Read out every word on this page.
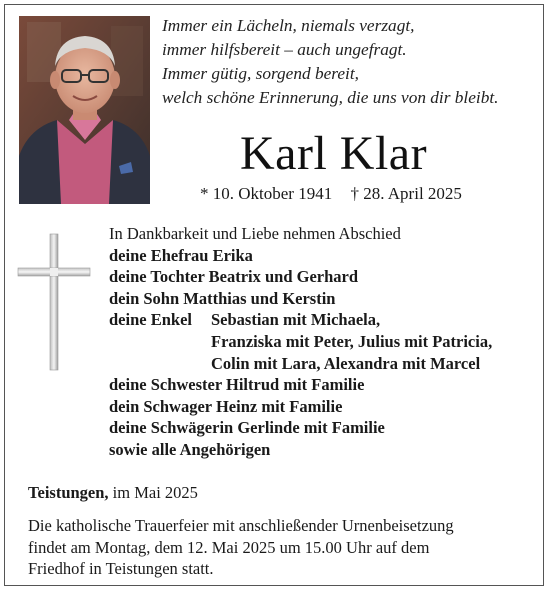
Immer ein Lächeln, niemals verzagt,
immer hilfsbereit – auch ungefragt.
Immer gütig, sorgend bereit,
welch schöne Erinnerung, die uns von dir bleibt.
Karl Klar
* 10. Oktober 1941 † 28. April 2025
In Dankbarkeit und Liebe nehmen Abschied
deine Ehefrau Erika
deine Tochter Beatrix und Gerhard
dein Sohn Matthias und Kerstin
deine Enkel Sebastian mit Michaela,
Franziska mit Peter, Julius mit Patricia,
Colin mit Lara, Alexandra mit Marcel
deine Schwester Hiltrud mit Familie
dein Schwager Heinz mit Familie
deine Schwägerin Gerlinde mit Familie
sowie alle Angehörigen
Teistungen, im Mai 2025
Die katholische Trauerfeier mit anschließender Urnenbeisetzung
findet am Montag, dem 12. Mai 2025 um 15.00 Uhr auf dem
Friedhof in Teistungen statt.
